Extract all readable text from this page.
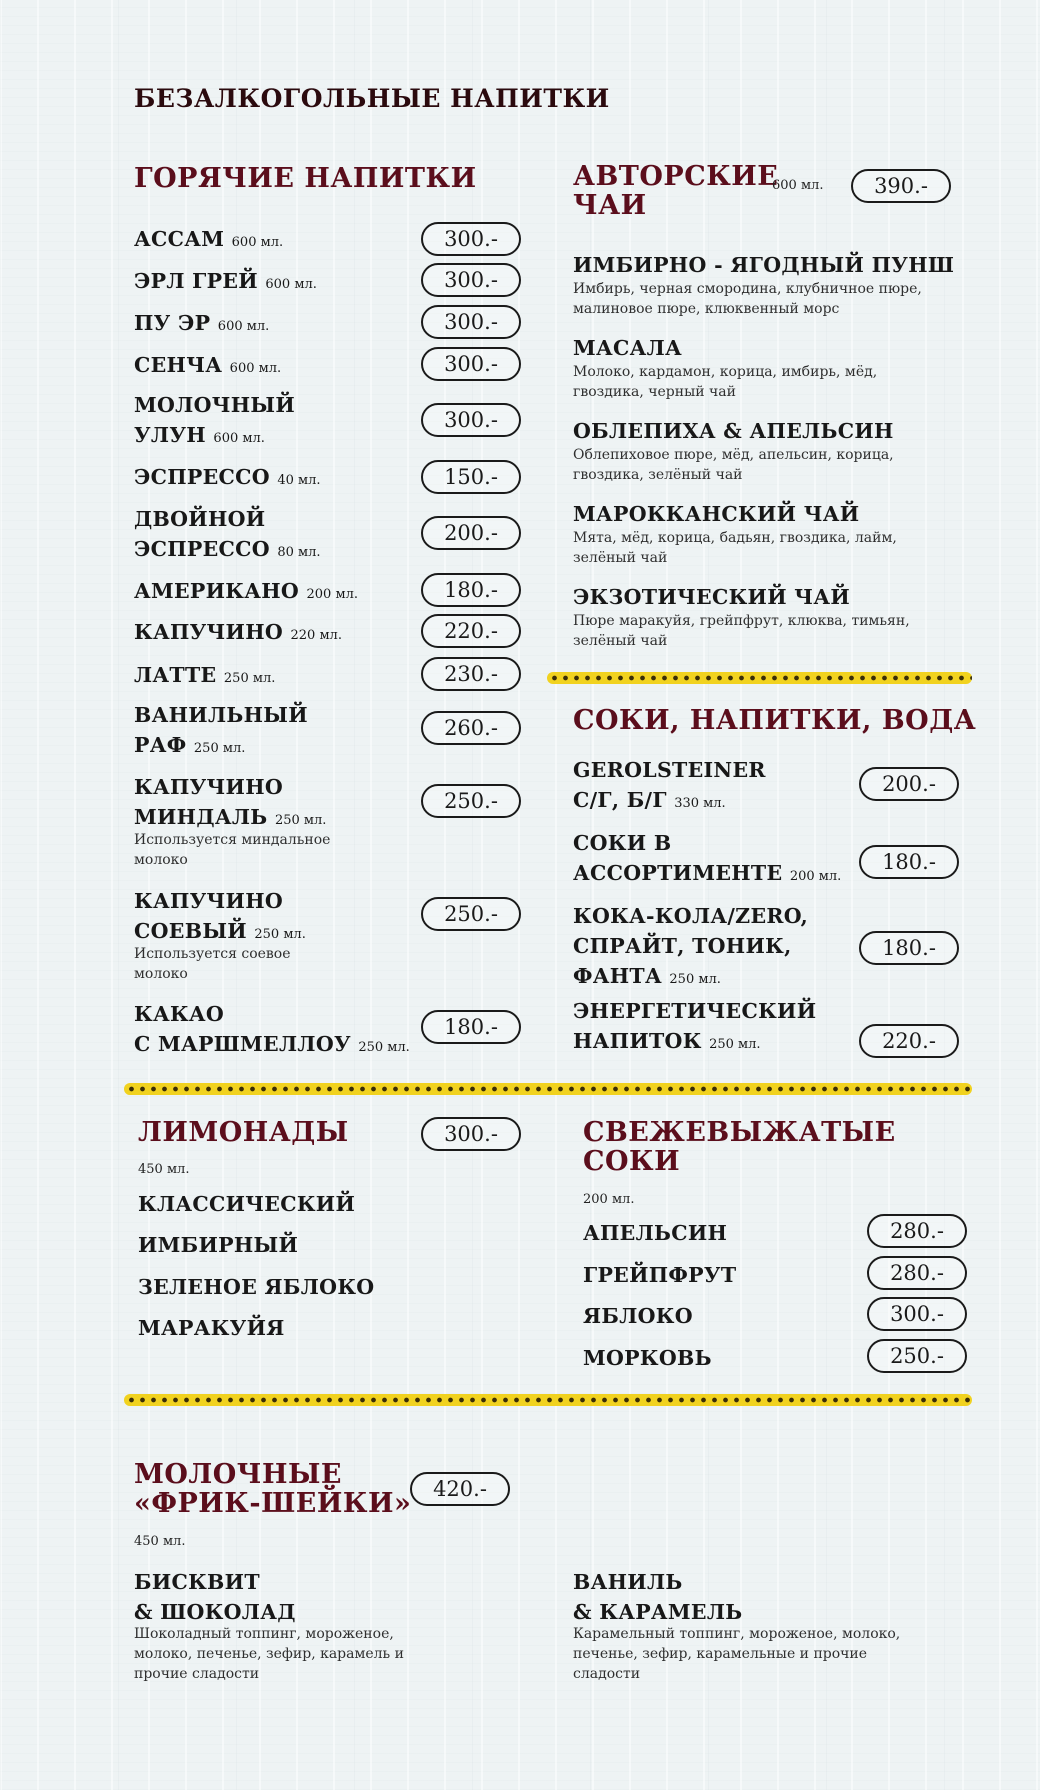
БЕЗАЛКОГОЛЬНЫЕ НАПИТКИ
ГОРЯЧИЕ НАПИТКИ
АССАМ 600 мл.	300.-
ЭРЛ ГРЕЙ 600 мл.	300.-
ПУ ЭР 600 мл.	300.-
СЕНЧА 600 мл.	300.-
МОЛОЧНЫЙ
УЛУН 600 мл.
300.-
ЭСПРЕССО 40 мл.	150.-
ДВОЙНОЙ
ЭСПРЕССО 80 мл.
200.-
АМЕРИКАНО 200 мл.	180.-
КАПУЧИНО 220 мл.	220.-
ЛАТТЕ 250 мл.	230.-
ВАНИЛЬНЫЙ
РАФ 250 мл.
260.-
КАПУЧИНО
МИНДАЛЬ 250 мл.
Используется миндальное молоко
250.-
КАПУЧИНО
СОЕВЫЙ 250 мл.
Используется соевое молоко
250.-
КАКАО
С МАРШМЕЛЛОУ 250 мл.
180.-
АВТОРСКИЕ ЧАИ
600 мл.	390.-
ИМБИРНО - ЯГОДНЫЙ ПУНШ
Имбирь, черная смородина, клубничное пюре, малиновое пюре, клюквенный морс
МАСАЛА
Молоко, кардамон, корица, имбирь, мёд, гвоздика, черный чай
ОБЛЕПИХА & АПЕЛЬСИН
Облепиховое пюре, мёд, апельсин, корица, гвоздика, зелёный чай
МАРОККАНСКИЙ ЧАЙ
Мята, мёд, корица, бадьян, гвоздика, лайм, зелёный чай
ЭКЗОТИЧЕСКИЙ ЧАЙ
Пюре маракуйя, грейпфрут, клюква, тимьян, зелёный чай
СОКИ, НАПИТКИ, ВОДА
GEROLSTEINER
С/Г, Б/Г 330 мл.
200.-
СОКИ В
АССОРТИМЕНТЕ 200 мл.
180.-
КОКА-КОЛА/ZERO,
СПРАЙТ, ТОНИК,
ФАНТА 250 мл.
180.-
ЭНЕРГЕТИЧЕСКИЙ
НАПИТОК 250 мл.	220.-
ЛИМОНАДЫ	300.-
450 мл.
КЛАССИЧЕСКИЙ
ИМБИРНЫЙ
ЗЕЛЕНОЕ ЯБЛОКО
МАРАКУЙЯ
СВЕЖЕВЫЖАТЫЕ СОКИ
200 мл.
АПЕЛЬСИН	280.-
ГРЕЙПФРУТ	280.-
ЯБЛОКО	300.-
МОРКОВЬ	250.-
МОЛОЧНЫЕ «ФРИК-ШЕЙКИ»	420.-
450 мл.
БИСКВИТ
& ШОКОЛАД
Шоколадный топпинг, мороженое, молоко, печенье, зефир, карамель и прочие сладости
ВАНИЛЬ
& КАРАМЕЛЬ
Карамельный топпинг, мороженое, молоко, печенье, зефир, карамельные и прочие сладости
